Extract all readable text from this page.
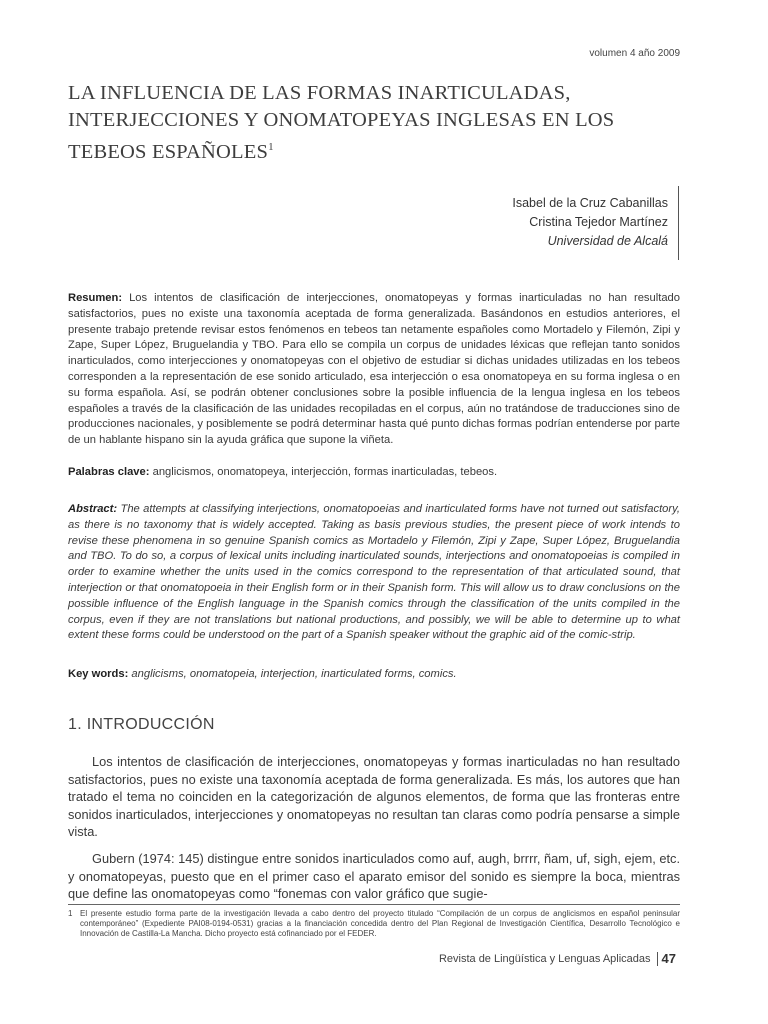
volumen 4 año 2009
LA INFLUENCIA DE LAS FORMAS INARTICULADAS,
INTERJECCIONES Y ONOMATOPEYAS INGLESAS EN LOS
TEBEOS ESPAÑOLES$^1$
Isabel de la Cruz Cabanillas
Cristina Tejedor Martínez
Universidad de Alcalá
Resumen: Los intentos de clasificación de interjecciones, onomatopeyas y formas inarticuladas no han resultado satisfactorios, pues no existe una taxonomía aceptada de forma generalizada. Basándonos en estudios anteriores, el presente trabajo pretende revisar estos fenómenos en tebeos tan netamente españoles como Mortadelo y Filemón, Zipi y Zape, Super López, Bruguelandia y TBO. Para ello se compila un corpus de unidades léxicas que reflejan tanto sonidos inarticulados, como interjecciones y onomatopeyas con el objetivo de estudiar si dichas unidades utilizadas en los tebeos corresponden a la representación de ese sonido articulado, esa interjección o esa onomatopeya en su forma inglesa o en su forma española. Así, se podrán obtener conclusiones sobre la posible influencia de la lengua inglesa en los tebeos españoles a través de la clasificación de las unidades recopiladas en el corpus, aún no tratándose de traducciones sino de producciones nacionales, y posiblemente se podrá determinar hasta qué punto dichas formas podrían entenderse por parte de un hablante hispano sin la ayuda gráfica que supone la viñeta.
Palabras clave: anglicismos, onomatopeya, interjección, formas inarticuladas, tebeos.
Abstract: The attempts at classifying interjections, onomatopoeias and inarticulated forms have not turned out satisfactory, as there is no taxonomy that is widely accepted. Taking as basis previous studies, the present piece of work intends to revise these phenomena in so genuine Spanish comics as Mortadelo y Filemón, Zipi y Zape, Super López, Bruguelandia and TBO. To do so, a corpus of lexical units including inarticulated sounds, interjections and onomatopoeias is compiled in order to examine whether the units used in the comics correspond to the representation of that articulated sound, that interjection or that onomatopoeia in their English form or in their Spanish form. This will allow us to draw conclusions on the possible influence of the English language in the Spanish comics through the classification of the units compiled in the corpus, even if they are not translations but national productions, and possibly, we will be able to determine up to what extent these forms could be understood on the part of a Spanish speaker without the graphic aid of the comic-strip.
Key words: anglicisms, onomatopeia, interjection, inarticulated forms, comics.
1. INTRODUCCIÓN
Los intentos de clasificación de interjecciones, onomatopeyas y formas inarticuladas no han resultado satisfactorios, pues no existe una taxonomía aceptada de forma generalizada. Es más, los autores que han tratado el tema no coinciden en la categorización de algunos elementos, de forma que las fronteras entre sonidos inarticulados, interjecciones y onomatopeyas no resultan tan claras como podría pensarse a simple vista.
Gubern (1974: 145) distingue entre sonidos inarticulados como auf, augh, brrrr, ñam, uf, sigh, ejem, etc. y onomatopeyas, puesto que en el primer caso el aparato emisor del sonido es siempre la boca, mientras que define las onomatopeyas como “fonemas con valor gráfico que sugie-
1 El presente estudio forma parte de la investigación llevada a cabo dentro del proyecto titulado “Compilación de un corpus de anglicismos en español peninsular contemporáneo” (Expediente PAI08-0194-0531) gracias a la financiación concedida dentro del Plan Regional de Investigación Científica, Desarrollo Tecnológico e Innovación de Castilla-La Mancha. Dicho proyecto está cofinanciado por el FEDER.
Revista de Lingüística y Lenguas Aplicadas 47
